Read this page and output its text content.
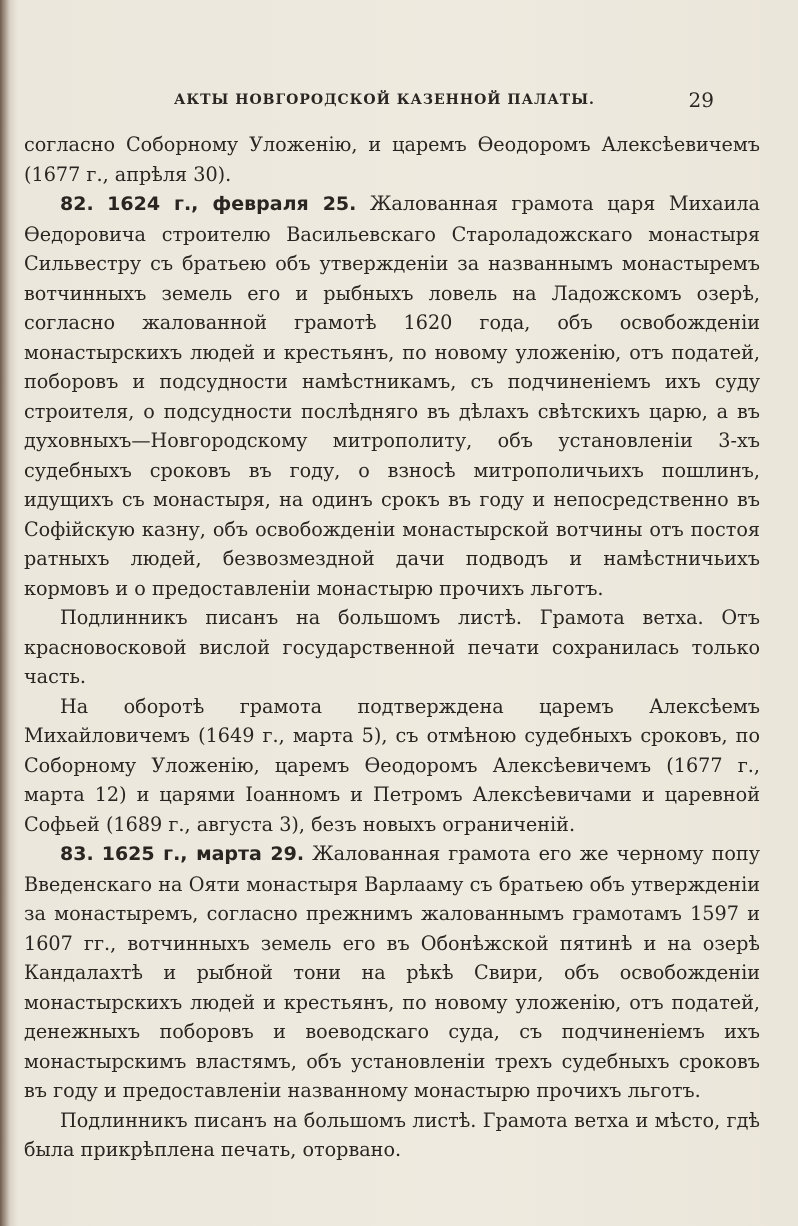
АКТЫ НОВГОРОДСКОЙ КАЗЕННОЙ ПАЛАТЫ.	29

согласно Соборному Уложенію, и царемъ Ѳеодоромъ Алексѣевичемъ (1677 г., апрѣля 30).

82. 1624 г., февраля 25. Жалованная грамота царя Михаила Ѳедоровича строителю Васильевскаго Староладожскаго монастыря Сильвестру съ братьею объ утвержденіи за названнымъ монастыремъ вотчинныхъ земель его и рыбныхъ ловель на Ладожскомъ озерѣ, согласно жалованной грамотѣ 1620 года, объ освобожденіи монастырскихъ людей и крестьянъ, по новому уложенію, отъ податей, поборовъ и подсудности намѣстникамъ, съ подчиненіемъ ихъ суду строителя, о подсудности послѣдняго въ дѣлахъ свѣтскихъ царю, а въ духовныхъ—Новгородскому митрополиту, объ установленіи 3-хъ судебныхъ сроковъ въ году, о взносѣ митрополичьихъ пошлинъ, идущихъ съ монастыря, на одинъ срокъ въ году и непосредственно въ Софійскую казну, объ освобожденіи монастырской вотчины отъ постоя ратныхъ людей, безвозмездной дачи подводъ и намѣстничьихъ кормовъ и о предоставленіи монастырю прочихъ льготъ.

Подлинникъ писанъ на большомъ листѣ. Грамота ветха. Отъ красновосковой вислой государственной печати сохранилась только часть.

На оборотѣ грамота подтверждена царемъ Алексѣемъ Михайловичемъ (1649 г., марта 5), съ отмѣною судебныхъ сроковъ, по Соборному Уложенію, царемъ Ѳеодоромъ Алексѣевичемъ (1677 г., марта 12) и царями Іоанномъ и Петромъ Алексѣевичами и царевной Софьей (1689 г., августа 3), безъ новыхъ ограниченій.

83. 1625 г., марта 29. Жалованная грамота его же черному попу Введенскаго на Ояти монастыря Варлааму съ братьею объ утвержденіи за монастыремъ, согласно прежнимъ жалованнымъ грамотамъ 1597 и 1607 гг., вотчинныхъ земель его въ Обонѣжской пятинѣ и на озерѣ Кандалахтѣ и рыбной тони на рѣкѣ Свири, объ освобожденіи монастырскихъ людей и крестьянъ, по новому уложенію, отъ податей, денежныхъ поборовъ и воеводскаго суда, съ подчиненіемъ ихъ монастырскимъ властямъ, объ установленіи трехъ судебныхъ сроковъ въ году и предоставленіи названному монастырю прочихъ льготъ.

Подлинникъ писанъ на большомъ листѣ. Грамота ветха и мѣсто, гдѣ была прикрѣплена печать, оторвано.
